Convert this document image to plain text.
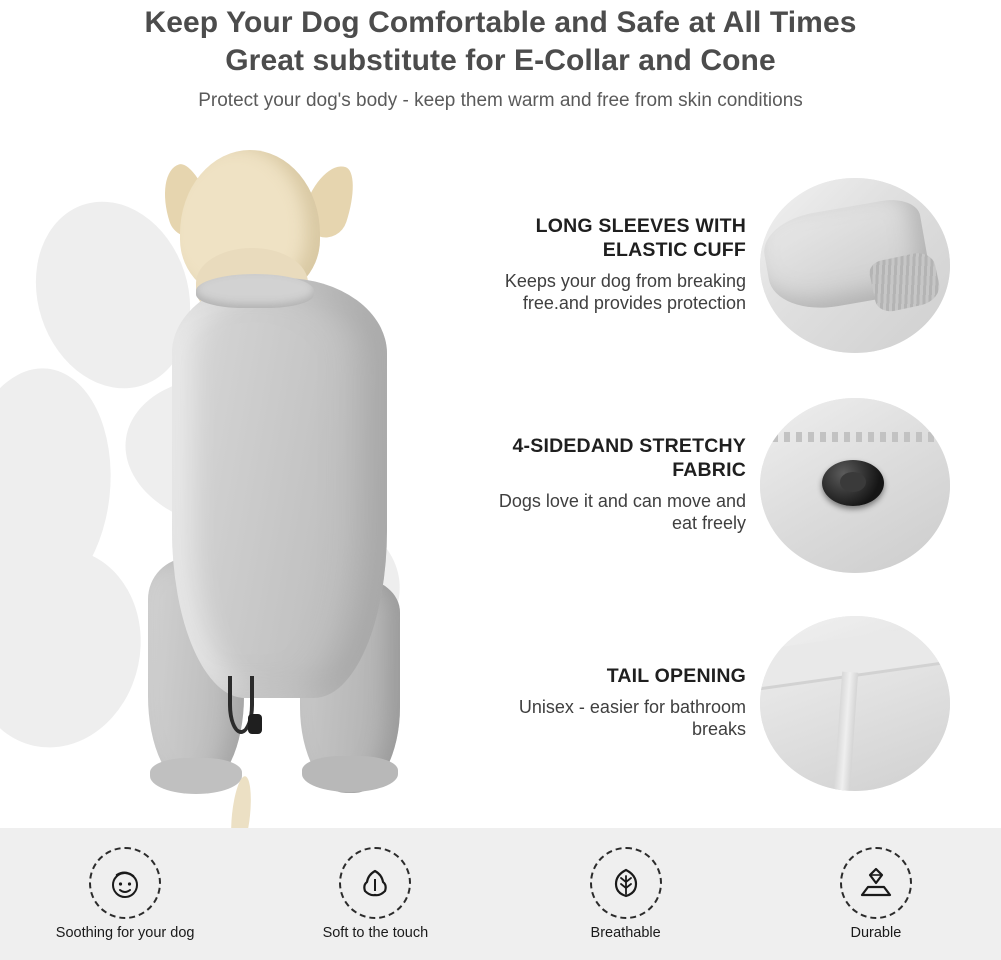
Keep Your Dog Comfortable and Safe at All Times
Great substitute for E-Collar and Cone
Protect your dog's body - keep them warm and free from skin conditions
LONG SLEEVES WITH ELASTIC CUFF
Keeps your dog from breaking free.and provides protection
4-SIDEDAND STRETCHY FABRIC
Dogs love it and can move and eat freely
TAIL OPENING
Unisex - easier for bathroom breaks
Soothing for your dog	Soft to the touch	Breathable	Durable
